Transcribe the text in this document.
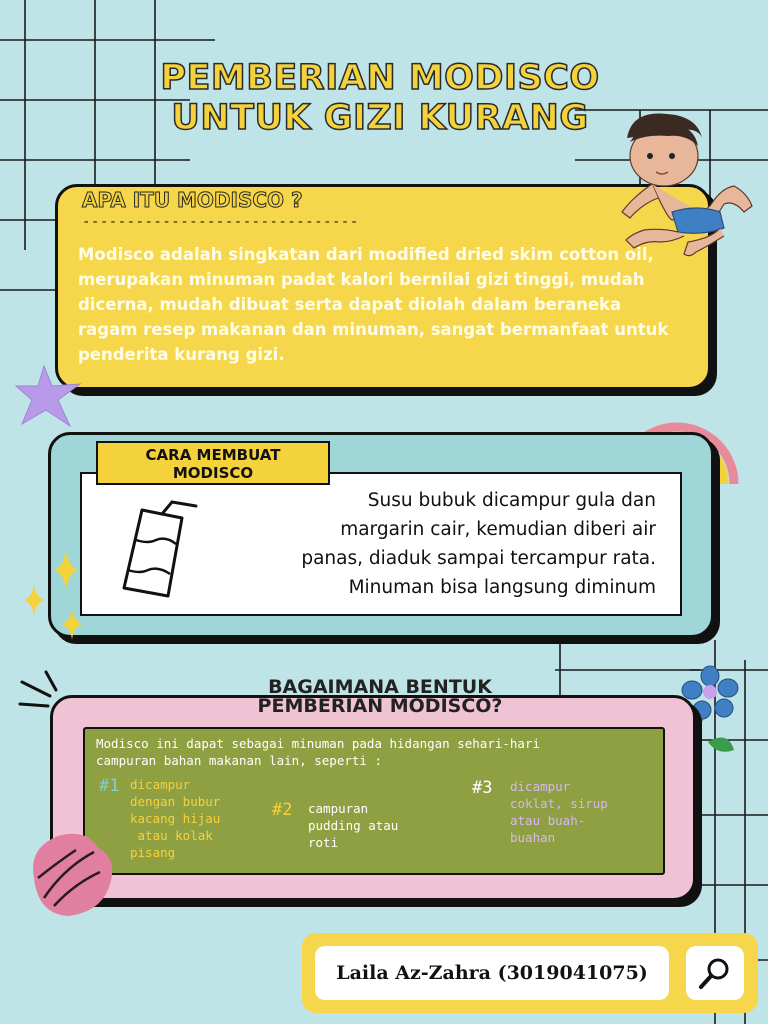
PEMBERIAN MODISCO
UNTUK GIZI KURANG
APA ITU MODISCO ?
-------------------------------
Modisco adalah singkatan dari modified dried skim cotton oil, merupakan minuman padat kalori bernilai gizi tinggi, mudah dicerna, mudah dibuat serta dapat diolah dalam beraneka ragam resep makanan dan minuman, sangat bermanfaat untuk penderita kurang gizi.
CARA MEMBUAT
MODISCO
Susu bubuk dicampur gula dan
margarin cair, kemudian diberi air
panas, diaduk sampai tercampur rata.
Minuman bisa langsung diminum
BAGAIMANA BENTUK
PEMBERIAN MODISCO?
Modisco ini dapat sebagai minuman pada hidangan sehari-hari
campuran bahan makanan lain, seperti :
#1 dicampur
dengan bubur
kacang hijau
atau kolak
pisang
#2 campuran
pudding atau
roti
#3 dicampur
coklat, sirup
atau buah-
buahan
Laila Az-Zahra (3019041075)
